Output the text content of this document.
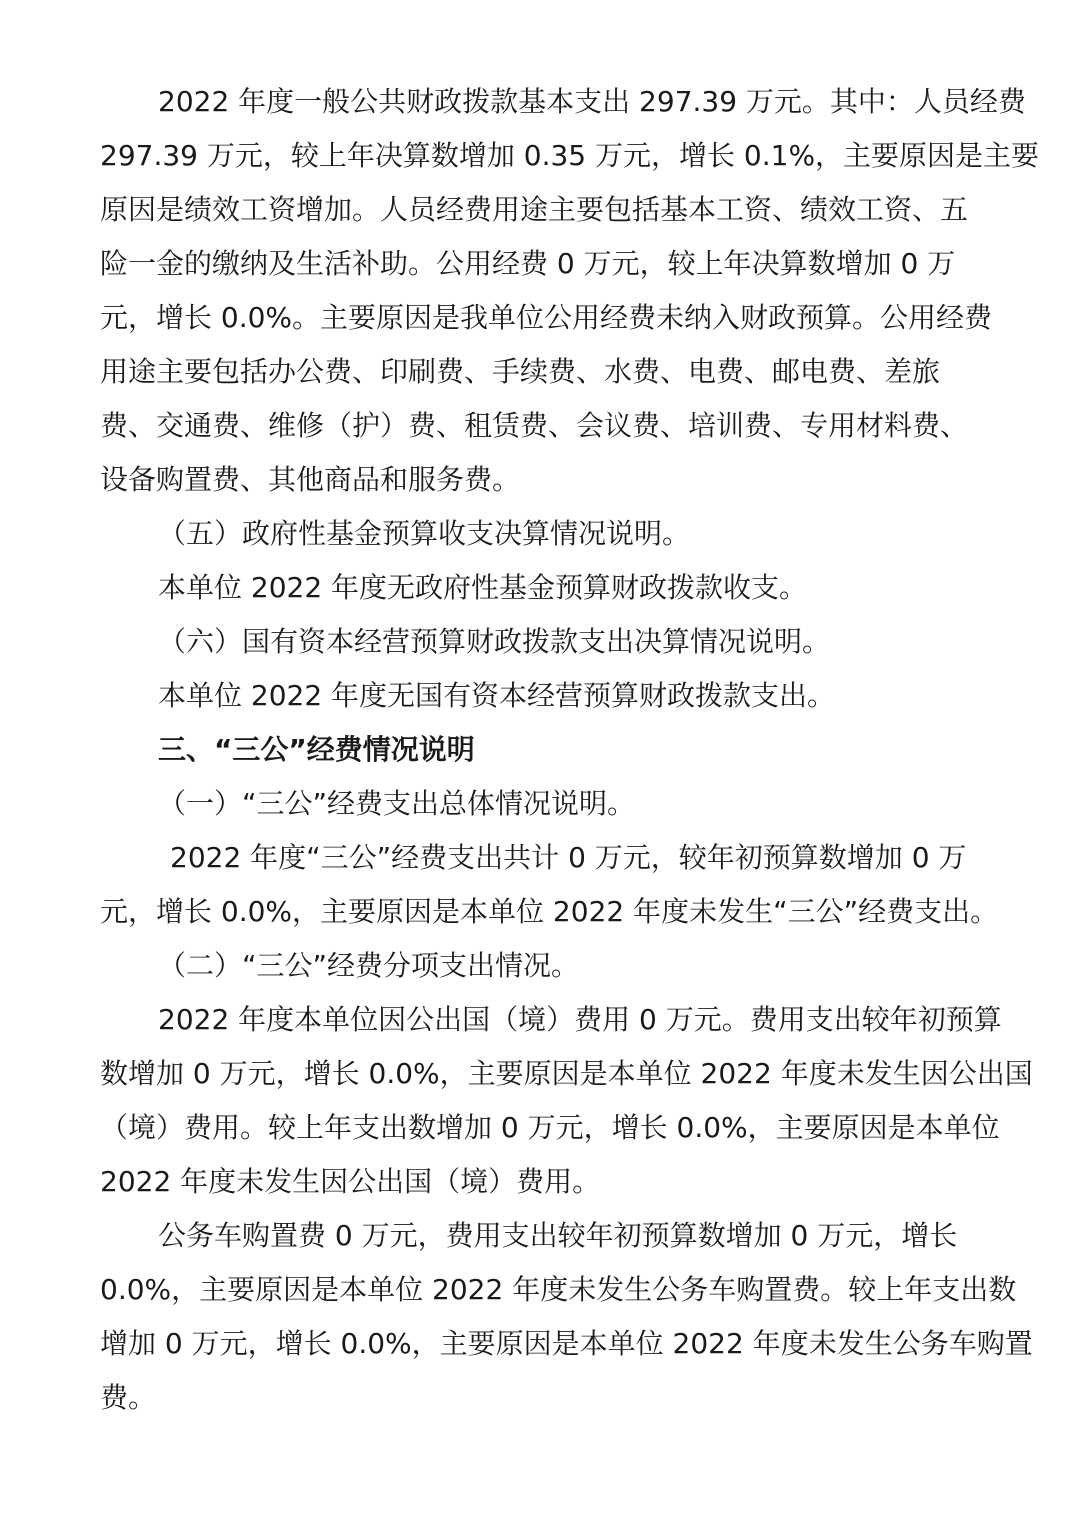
2022 年度一般公共财政拨款基本支出 297.39 万元。其中：人员经费
297.39 万元，较上年决算数增加 0.35 万元，增长 0.1%，主要原因是主要
原因是绩效工资增加。人员经费用途主要包括基本工资、绩效工资、五
险一金的缴纳及生活补助。公用经费 0 万元，较上年决算数增加 0 万
元，增长 0.0%。主要原因是我单位公用经费未纳入财政预算。公用经费
用途主要包括办公费、印刷费、手续费、水费、电费、邮电费、差旅
费、交通费、维修（护）费、租赁费、会议费、培训费、专用材料费、
设备购置费、其他商品和服务费。
（五）政府性基金预算收支决算情况说明。
本单位 2022 年度无政府性基金预算财政拨款收支。
（六）国有资本经营预算财政拨款支出决算情况说明。
本单位 2022 年度无国有资本经营预算财政拨款支出。
三、“三公”经费情况说明
（一）“三公”经费支出总体情况说明。
2022 年度“三公”经费支出共计 0 万元，较年初预算数增加 0 万
元，增长 0.0%，主要原因是本单位 2022 年度未发生“三公”经费支出。
（二）“三公”经费分项支出情况。
2022 年度本单位因公出国（境）费用 0 万元。费用支出较年初预算
数增加 0 万元，增长 0.0%，主要原因是本单位 2022 年度未发生因公出国
（境）费用。较上年支出数增加 0 万元，增长 0.0%，主要原因是本单位
2022 年度未发生因公出国（境）费用。
公务车购置费 0 万元，费用支出较年初预算数增加 0 万元，增长
0.0%，主要原因是本单位 2022 年度未发生公务车购置费。较上年支出数
增加 0 万元，增长 0.0%，主要原因是本单位 2022 年度未发生公务车购置
费。
